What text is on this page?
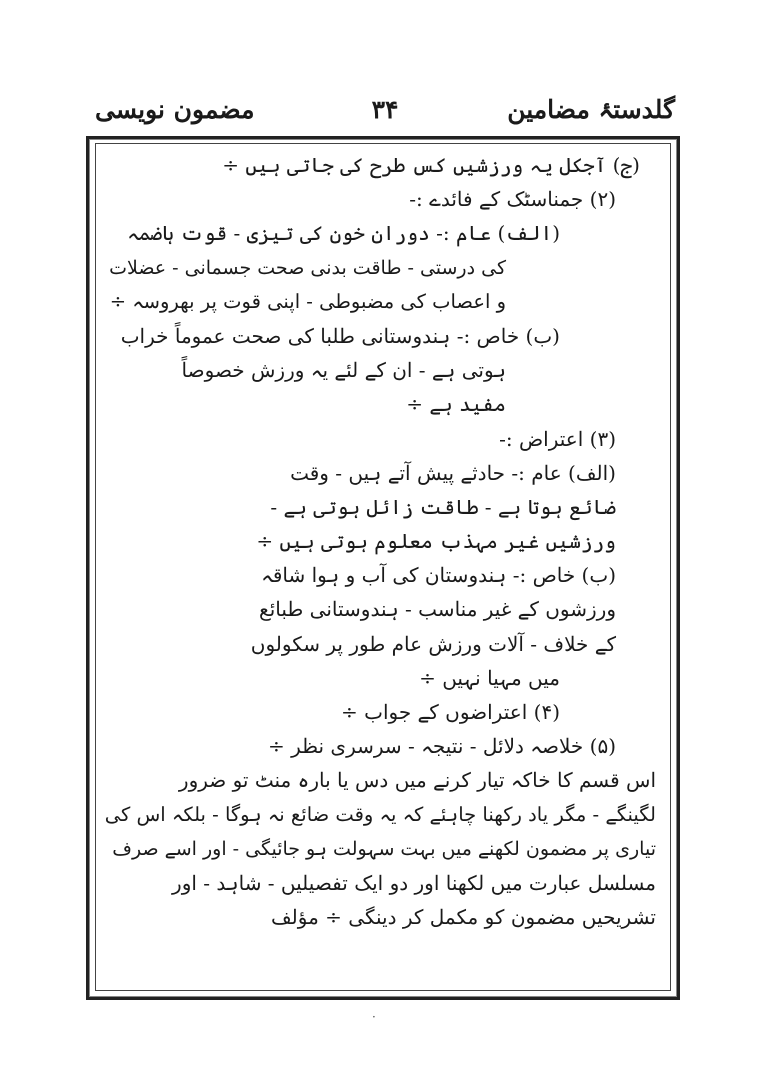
گلدستۂ مضامین
۳۴
مضمون نویسی
(ج) آجکل یہ ورزشیں کس طرح کی جاتی ہیں ÷
(۲) جمناسٹک کے فائدے :-
(الف) عام :- دوران خون کی تیزی - قوت ہاضمہ
کی درستی - طاقت بدنی صحت جسمانی - عضلات
و اعصاب کی مضبوطی - اپنی قوت پر بھروسہ ÷
(ب) خاص :- ہندوستانی طلبا کی صحت عموماً خراب
ہوتی ہے - ان کے لئے یہ ورزش خصوصاً
مفید ہے ÷
(۳) اعتراض :-
(الف) عام :- حادثے پیش آتے ہیں - وقت
ضائع ہوتا ہے - طاقت زائل ہوتی ہے -
ورزشیں غیر مہذب معلوم ہوتی ہیں ÷
(ب) خاص :- ہندوستان کی آب و ہوا شاقہ
ورزشوں کے غیر مناسب - ہندوستانی طبائع
کے خلاف - آلات ورزش عام طور پر سکولوں
میں مہیا نہیں ÷
(۴) اعتراضوں کے جواب ÷
(۵) خلاصہ دلائل - نتیجہ - سرسری نظر ÷
اس قسم کا خاکہ تیار کرنے میں دس یا بارہ منٹ تو ضرور
لگینگے - مگر یاد رکھنا چاہئے کہ یہ وقت ضائع نہ ہوگا - بلکہ اس کی
تیاری پر مضمون لکھنے میں بہت سہولت ہو جائیگی - اور اسے صرف
مسلسل عبارت میں لکھنا اور دو ایک تفصیلیں - شاہد - اور
تشریحیں مضمون کو مکمل کر دینگی ÷ مؤلف
·
